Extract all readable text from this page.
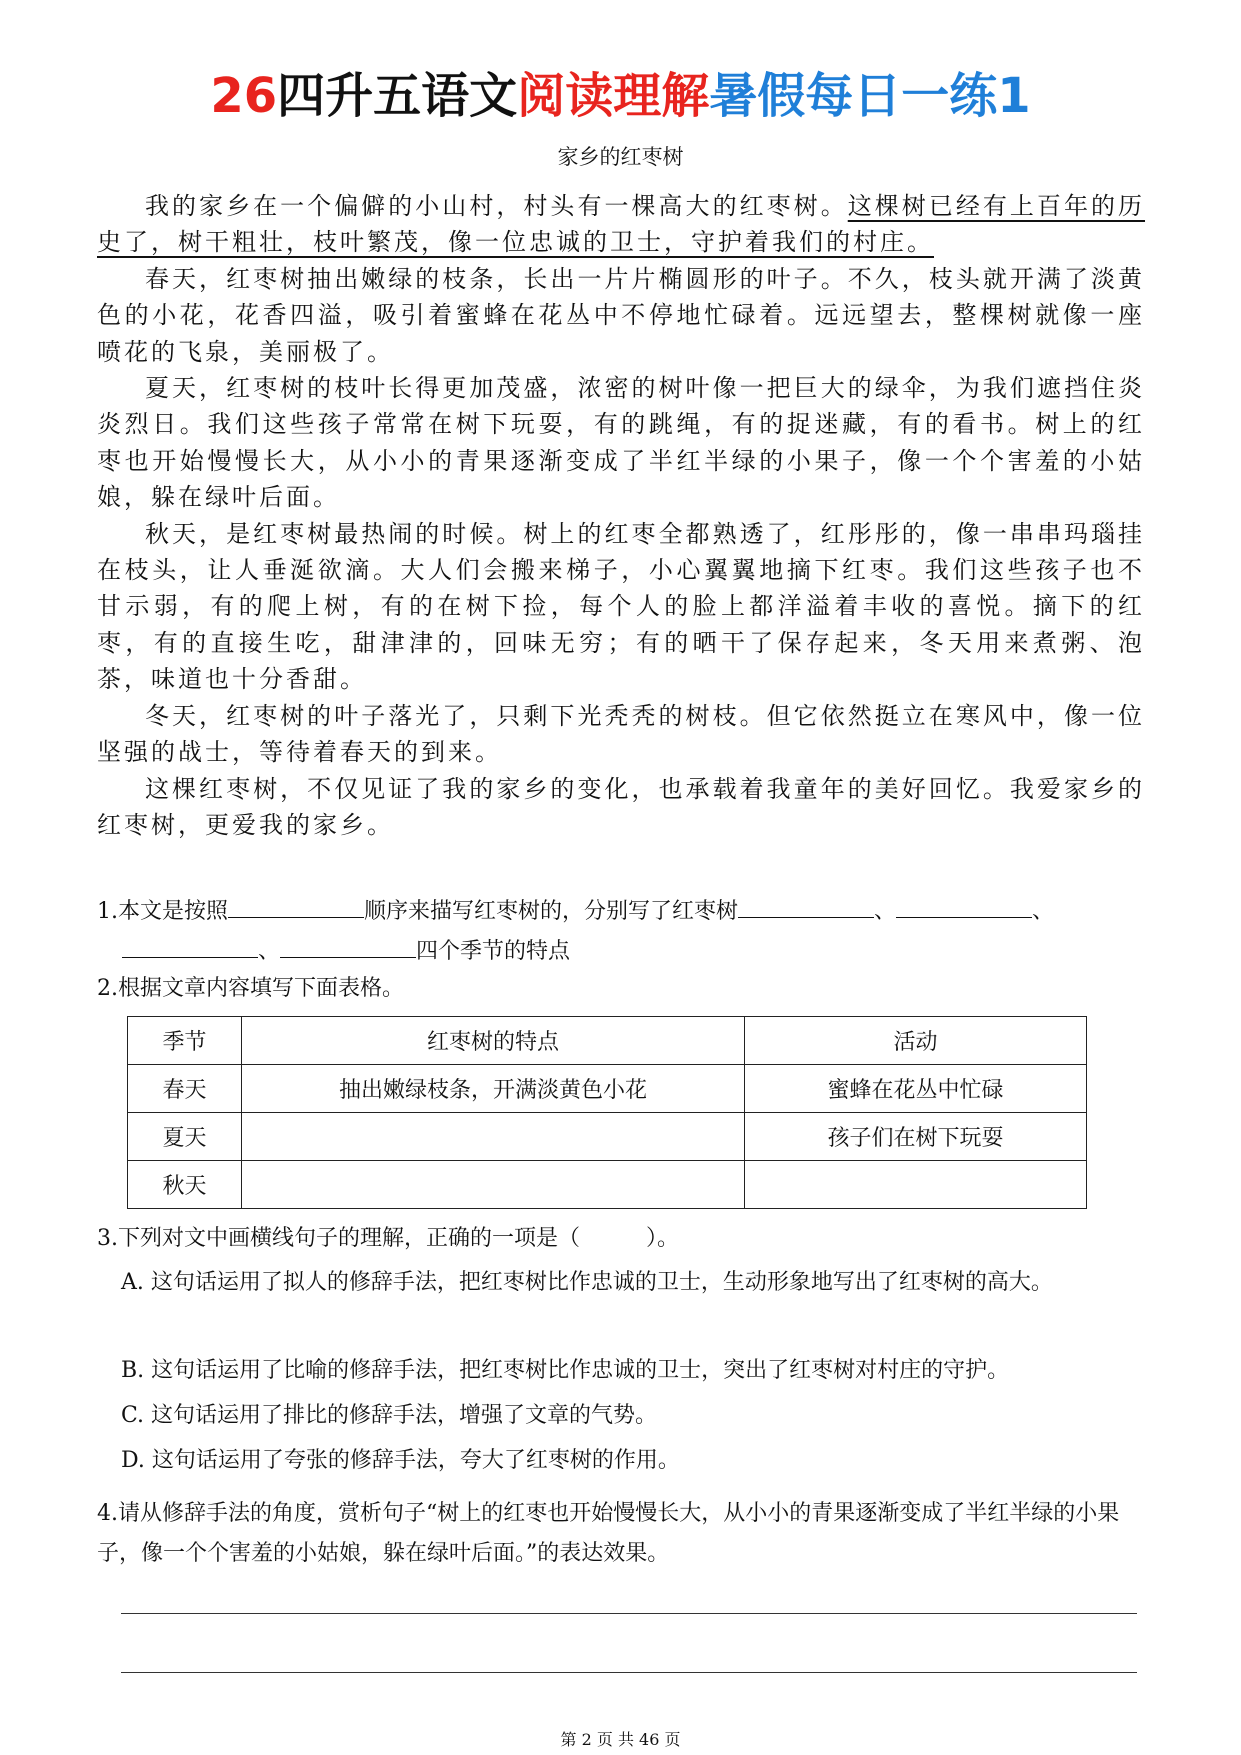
26四升五语文阅读理解暑假每日一练1
家乡的红枣树

我的家乡在一个偏僻的小山村，村头有一棵高大的红枣树。这棵树已经有上百年的历史了，树干粗壮，枝叶繁茂，像一位忠诚的卫士，守护着我们的村庄。

春天，红枣树抽出嫩绿的枝条，长出一片片椭圆形的叶子。不久，枝头就开满了淡黄色的小花，花香四溢，吸引着蜜蜂在花丛中不停地忙碌着。远远望去，整棵树就像一座喷花的飞泉，美丽极了。

夏天，红枣树的枝叶长得更加茂盛，浓密的树叶像一把巨大的绿伞，为我们遮挡住炎炎烈日。我们这些孩子常常在树下玩耍，有的跳绳，有的捉迷藏，有的看书。树上的红枣也开始慢慢长大，从小小的青果逐渐变成了半红半绿的小果子，像一个个害羞的小姑娘，躲在绿叶后面。

秋天，是红枣树最热闹的时候。树上的红枣全都熟透了，红彤彤的，像一串串玛瑙挂在枝头，让人垂涎欲滴。大人们会搬来梯子，小心翼翼地摘下红枣。我们这些孩子也不甘示弱，有的爬上树，有的在树下捡，每个人的脸上都洋溢着丰收的喜悦。摘下的红枣，有的直接生吃，甜津津的，回味无穷；有的晒干了保存起来，冬天用来煮粥、泡茶，味道也十分香甜。

冬天，红枣树的叶子落光了，只剩下光秃秃的树枝。但它依然挺立在寒风中，像一位坚强的战士，等待着春天的到来。

这棵红枣树，不仅见证了我的家乡的变化，也承载着我童年的美好回忆。我爱家乡的红枣树，更爱我的家乡。

1.本文是按照	顺序来描写红枣树的，分别写了红枣树	、	、
、	四个季节的特点
2.根据文章内容填写下面表格。
季节	红枣树的特点	活动
春天	抽出嫩绿枝条，开满淡黄色小花	蜜蜂在花丛中忙碌
夏天		孩子们在树下玩耍
秋天		
3.下列对文中画横线句子的理解，正确的一项是（　　　）。
A. 这句话运用了拟人的修辞手法，把红枣树比作忠诚的卫士，生动形象地写出了红枣树的高大。
B. 这句话运用了比喻的修辞手法，把红枣树比作忠诚的卫士，突出了红枣树对村庄的守护。
C. 这句话运用了排比的修辞手法，增强了文章的气势。
D. 这句话运用了夸张的修辞手法，夸大了红枣树的作用。
4.请从修辞手法的角度，赏析句子“树上的红枣也开始慢慢长大，从小小的青果逐渐变成了半红半绿的小果子，像一个个害羞的小姑娘，躲在绿叶后面。”的表达效果。
第 2 页 共 46 页
